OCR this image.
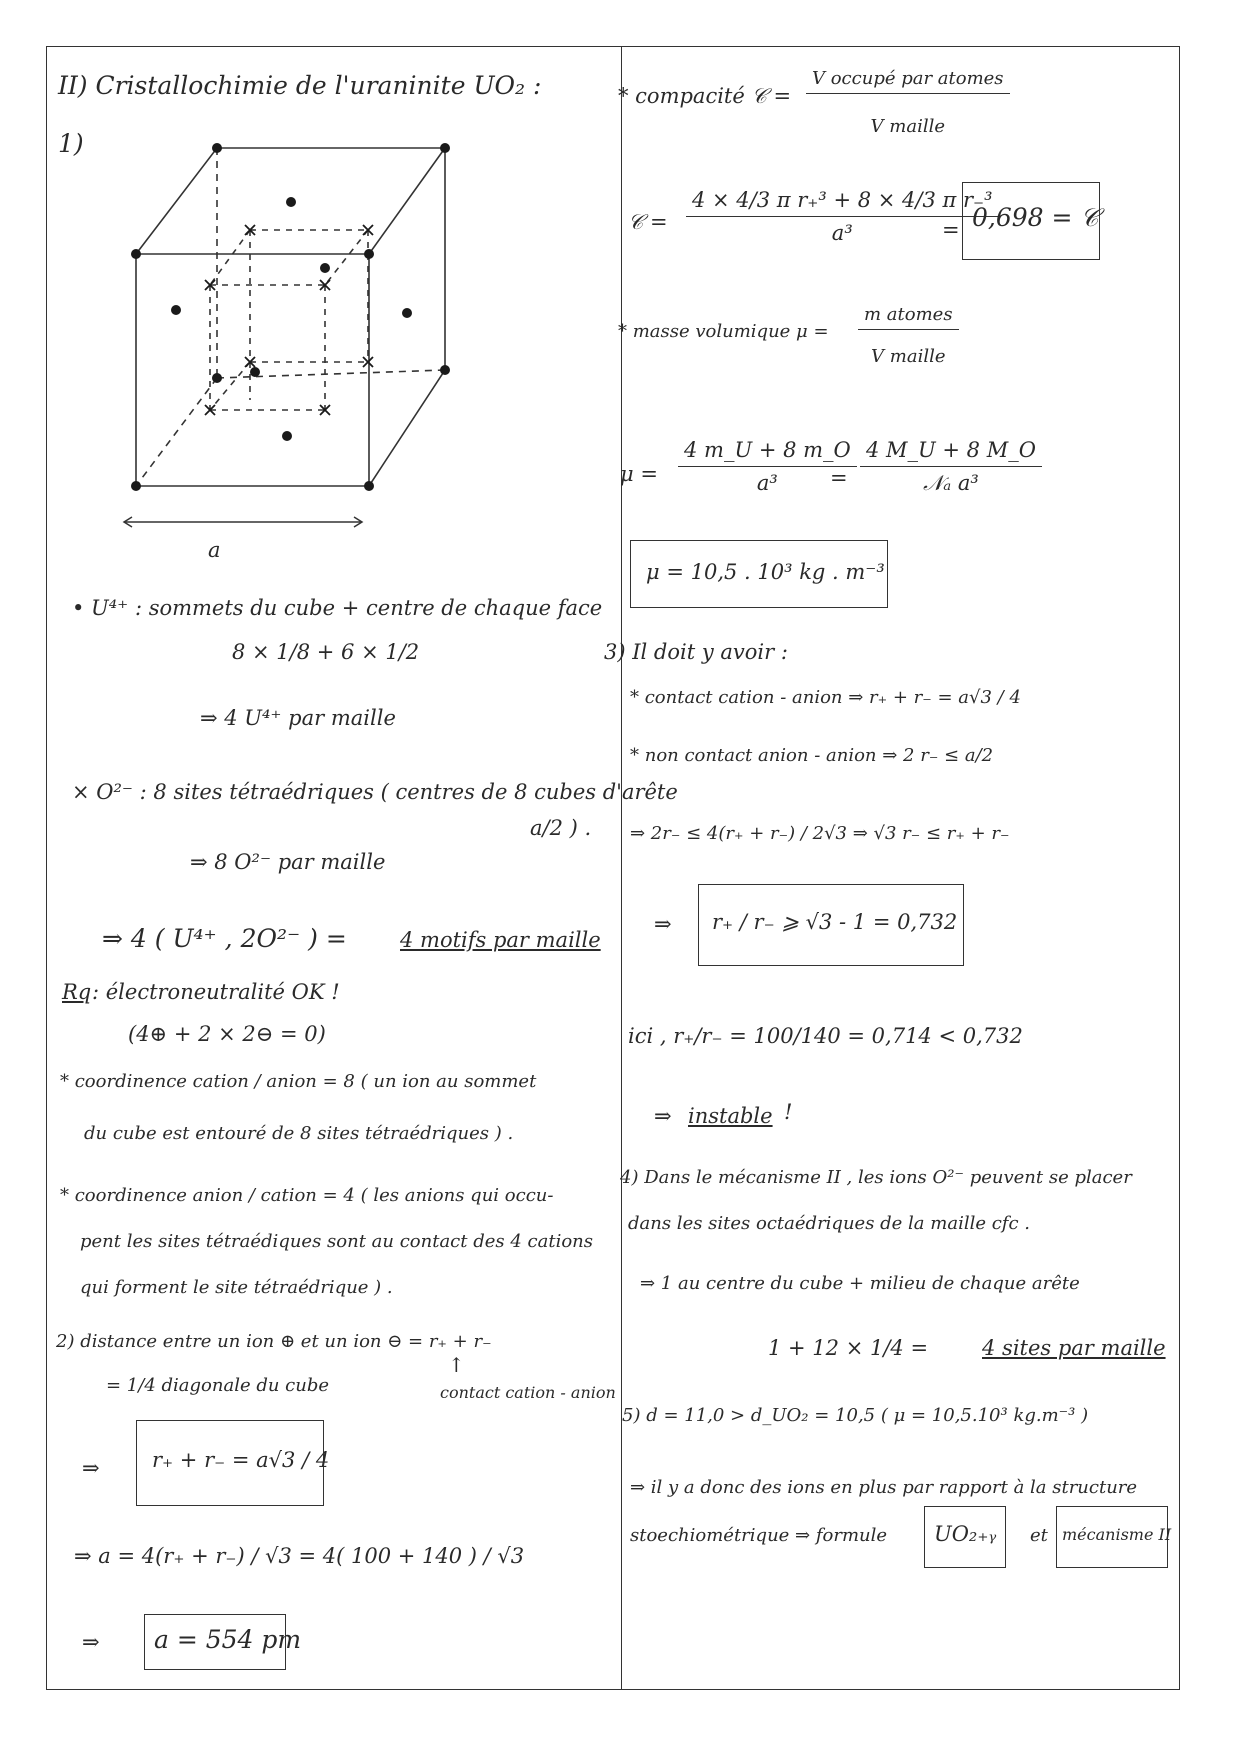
II) Cristallochimie de l'uraninite UO₂ :
1)
a
• U⁴⁺ : sommets du cube + centre de chaque face
8 × 1/8 + 6 × 1/2
⇒ 4 U⁴⁺ par maille
× O²⁻ : 8 sites tétraédriques ( centres de 8 cubes d'arête
a/2 ) .
⇒ 8 O²⁻ par maille
⇒ 4 ( U⁴⁺ , 2O²⁻ ) =	4 motifs par maille
Rq : électroneutralité OK !
(4⊕ + 2 × 2⊖ = 0)
* coordinence cation / anion = 8 ( un ion au sommet
du cube est entouré de 8 sites tétraédriques ) .
* coordinence anion / cation = 4 ( les anions qui occu-
pent les sites tétraédiques sont au contact des 4 cations
qui forment le site tétraédrique ) .
2) distance entre un ion ⊕ et un ion ⊖ = r₊ + r₋
= 1/4 diagonale du cube
↑
contact cation - anion
⇒ r₊ + r₋ = a√3 / 4
⇒ a = 4(r₊ + r₋) / √3 = 4( 100 + 140 ) / √3
⇒ a = 554 pm
* compacité 𝒞 =
V occupé par atomes
V maille
𝒞 = $\frac{\text{4 × 4/3 π r₊³ + 8 × 4/3 π r₋³}}{\text{a³}}$
= 0,698 = 𝒞
* masse volumique μ =
m atomes
V maille
$\mu = \frac{4 m\_U + 8 m\_O}{\text{a³}}$
=
4 M_U + 8 M_O
𝒩ₐ a³
μ = 10,5 . 10³ kg . m⁻³
3) Il doit y avoir :
* contact cation - anion ⇒ r₊ + r₋ = a√3 / 4
* non contact anion - anion ⇒ 2 r₋ ≤ a/2
⇒ 2r₋ ≤ 4(r₊ + r₋) / 2√3 ⇒ √3 r₋ ≤ r₊ + r₋
⇒ r₊ / r₋ ⩾ √3 - 1 = 0,732
ici , r₊/r₋ = 100/140 = 0,714 < 0,732
⇒ instable !
4) Dans le mécanisme II , les ions O²⁻ peuvent se placer
dans les sites octaédriques de la maille cfc .
⇒ 1 au centre du cube + milieu de chaque arête
1 + 12 × 1/4 =	4 sites par maille
5) d = 11,0 > d_UO₂ = 10,5 ( μ = 10,5.10³ kg.m⁻³ )
⇒ il y a donc des ions en plus par rapport à la structure
stoechiométrique ⇒ formule UO₂₊ᵧ et mécanisme II
